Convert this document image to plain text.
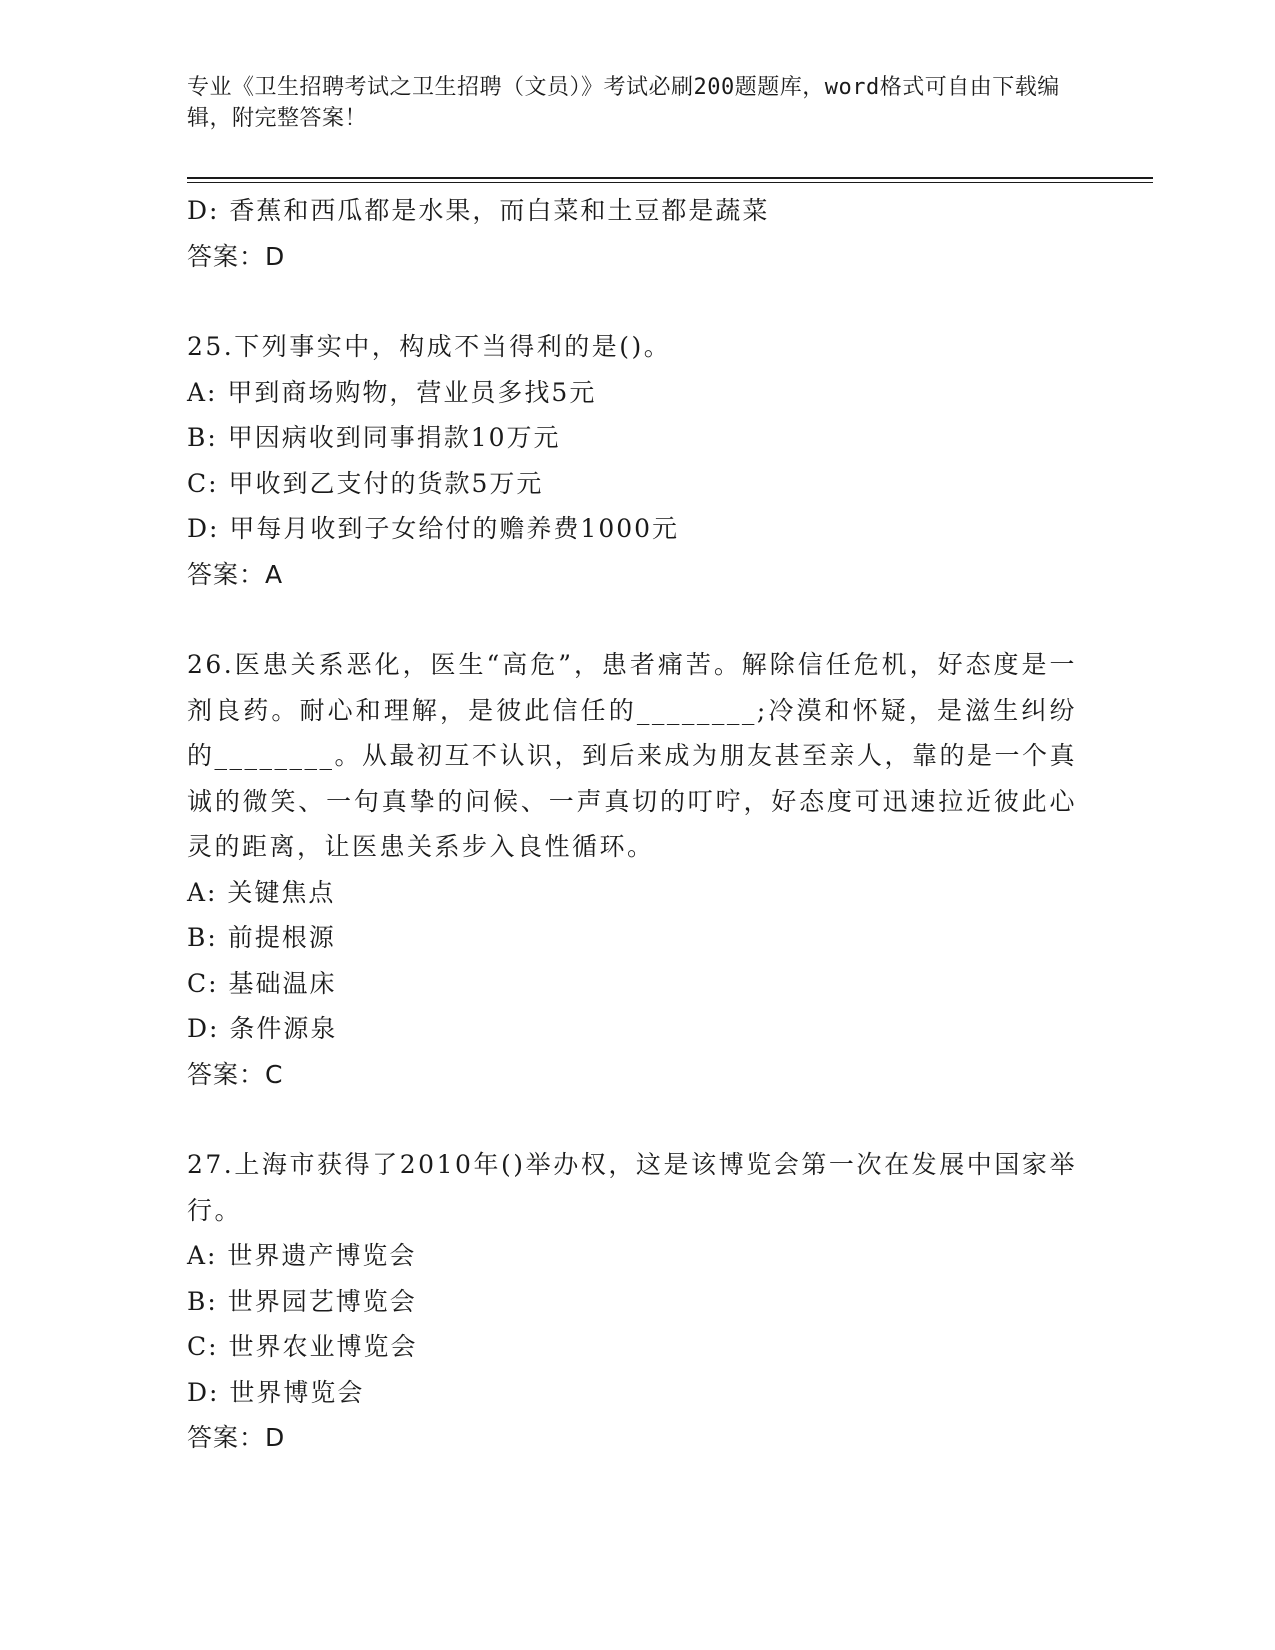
专业《卫生招聘考试之卫生招聘（文员）》考试必刷200题题库，word格式可自由下载编辑，附完整答案！
D: 香蕉和西瓜都是水果，而白菜和土豆都是蔬菜
答案：D
25.下列事实中，构成不当得利的是()。
A: 甲到商场购物，营业员多找5元
B: 甲因病收到同事捐款10万元
C: 甲收到乙支付的货款5万元
D: 甲每月收到子女给付的赡养费1000元
答案：A
26.医患关系恶化，医生“高危”，患者痛苦。解除信任危机，好态度是一剂良药。耐心和理解，是彼此信任的________;冷漠和怀疑，是滋生纠纷的________。从最初互不认识，到后来成为朋友甚至亲人，靠的是一个真诚的微笑、一句真挚的问候、一声真切的叮咛，好态度可迅速拉近彼此心灵的距离，让医患关系步入良性循环。
A: 关键焦点
B: 前提根源
C: 基础温床
D: 条件源泉
答案：C
27.上海市获得了2010年()举办权，这是该博览会第一次在发展中国家举行。
A: 世界遗产博览会
B: 世界园艺博览会
C: 世界农业博览会
D: 世界博览会
答案：D
